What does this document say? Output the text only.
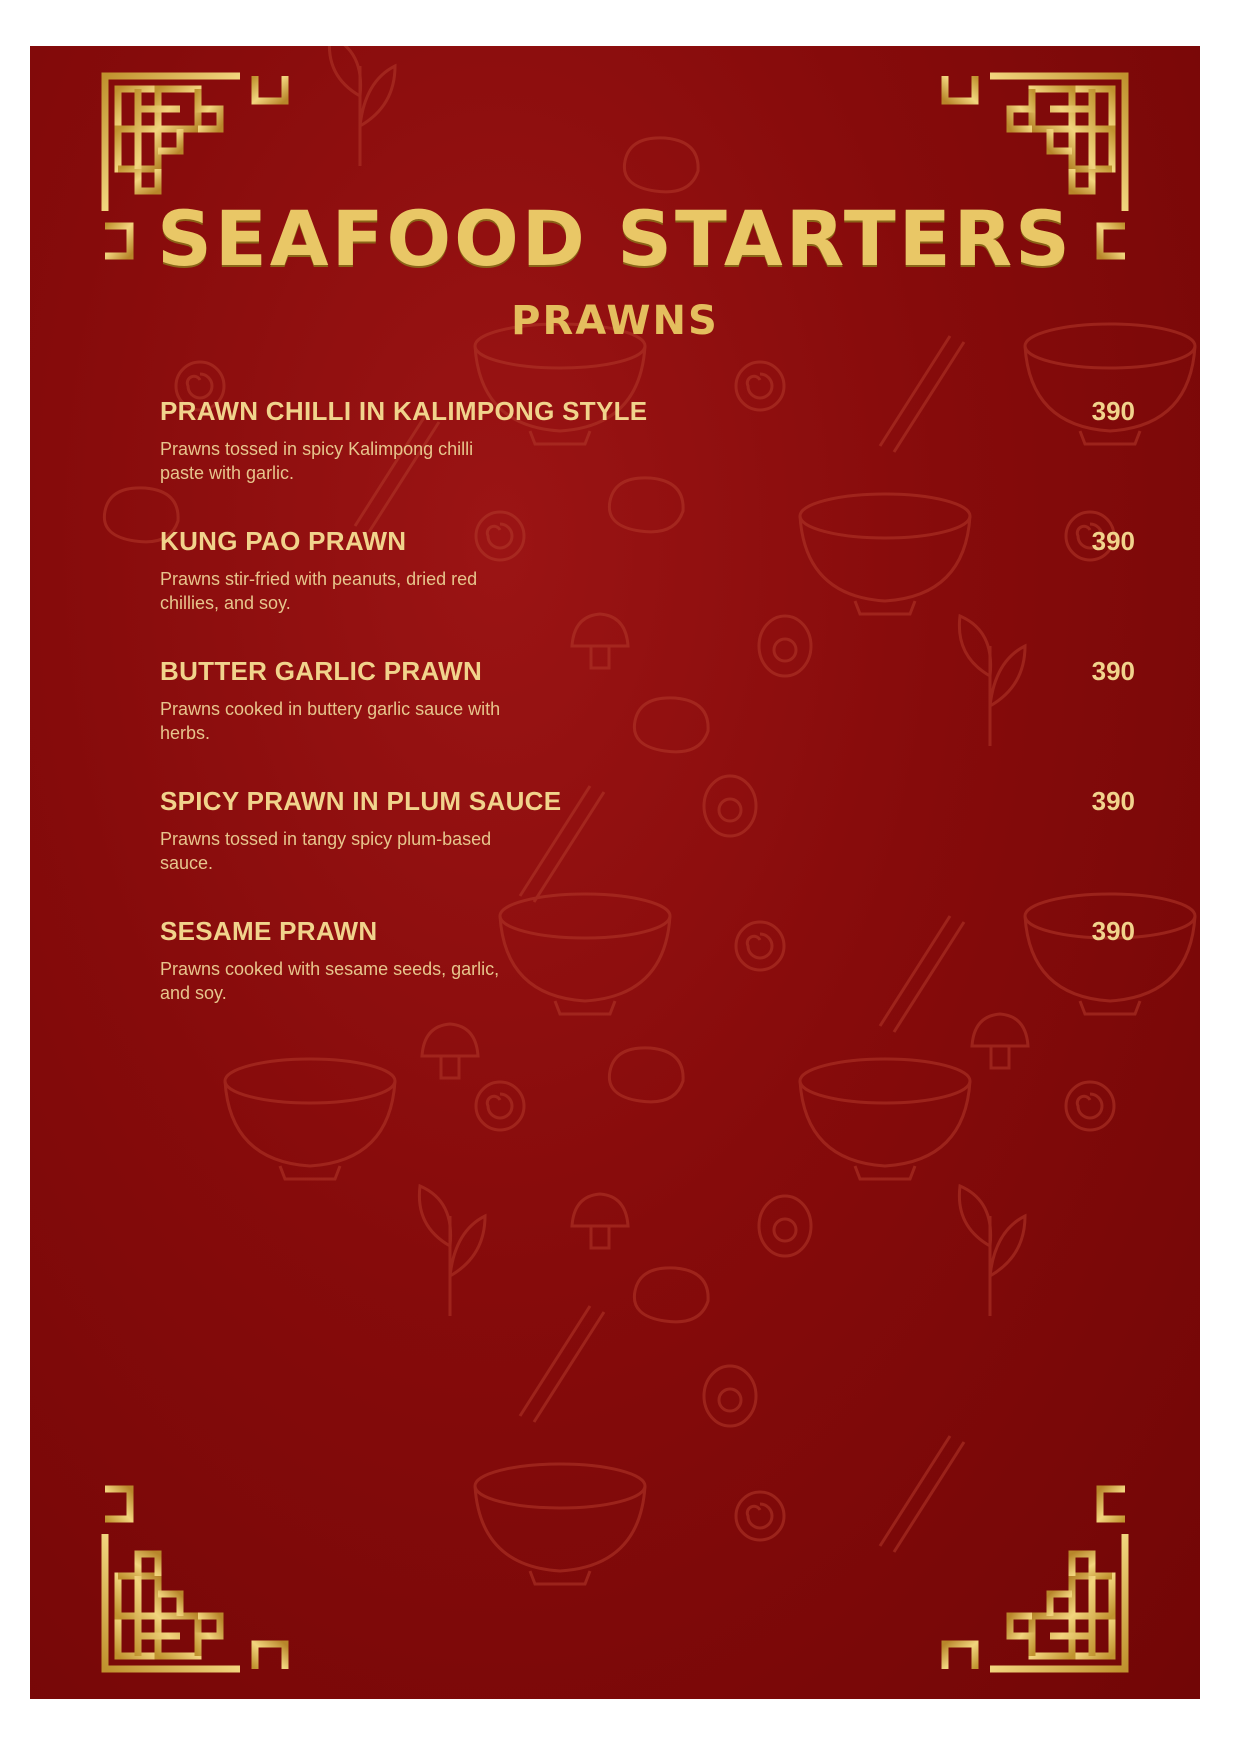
SEAFOOD STARTERS
PRAWNS
PRAWN CHILLI IN KALIMPONG STYLE	390
Prawns tossed in spicy Kalimpong chilli paste with garlic.
KUNG PAO PRAWN	390
Prawns stir-fried with peanuts, dried red chillies, and soy.
BUTTER GARLIC PRAWN	390
Prawns cooked in buttery garlic sauce with herbs.
SPICY PRAWN IN PLUM SAUCE	390
Prawns tossed in tangy spicy plum-based sauce.
SESAME PRAWN	390
Prawns cooked with sesame seeds, garlic, and soy.
